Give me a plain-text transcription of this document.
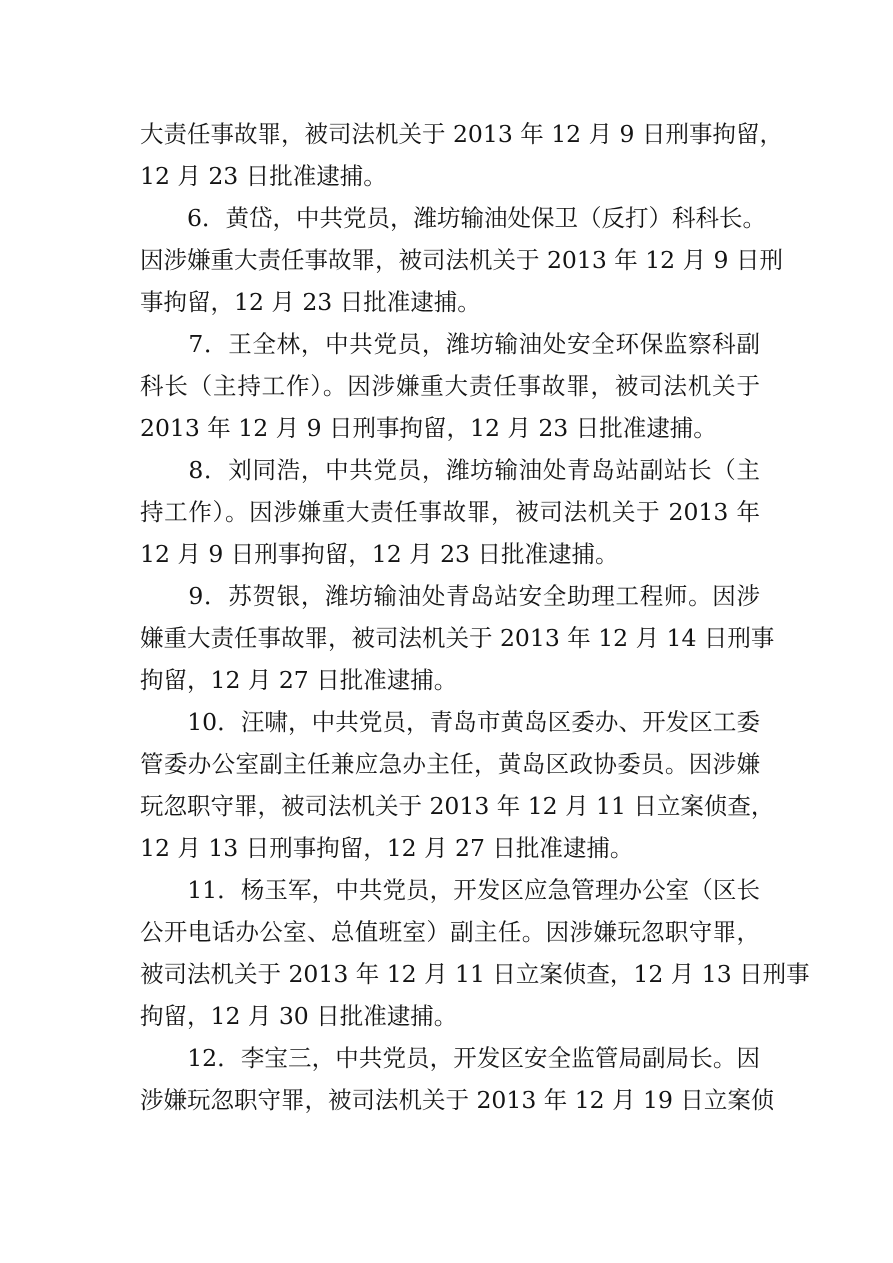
大责任事故罪，被司法机关于 2013 年 12 月 9 日刑事拘留，
12 月 23 日批准逮捕。
　　6．黄岱，中共党员，潍坊输油处保卫（反打）科科长。
因涉嫌重大责任事故罪，被司法机关于 2013 年 12 月 9 日刑
事拘留，12 月 23 日批准逮捕。
　　7．王全林，中共党员，潍坊输油处安全环保监察科副
科长（主持工作）。因涉嫌重大责任事故罪，被司法机关于
2013 年 12 月 9 日刑事拘留，12 月 23 日批准逮捕。
　　8．刘同浩，中共党员，潍坊输油处青岛站副站长（主
持工作）。因涉嫌重大责任事故罪，被司法机关于 2013 年
12 月 9 日刑事拘留，12 月 23 日批准逮捕。
　　9．苏贺银，潍坊输油处青岛站安全助理工程师。因涉
嫌重大责任事故罪，被司法机关于 2013 年 12 月 14 日刑事
拘留，12 月 27 日批准逮捕。
　　10．汪啸，中共党员，青岛市黄岛区委办、开发区工委
管委办公室副主任兼应急办主任，黄岛区政协委员。因涉嫌
玩忽职守罪，被司法机关于 2013 年 12 月 11 日立案侦查，
12 月 13 日刑事拘留，12 月 27 日批准逮捕。
　　11．杨玉军，中共党员，开发区应急管理办公室（区长
公开电话办公室、总值班室）副主任。因涉嫌玩忽职守罪，
被司法机关于 2013 年 12 月 11 日立案侦查，12 月 13 日刑事
拘留，12 月 30 日批准逮捕。
　　12．李宝三，中共党员，开发区安全监管局副局长。因
涉嫌玩忽职守罪，被司法机关于 2013 年 12 月 19 日立案侦
